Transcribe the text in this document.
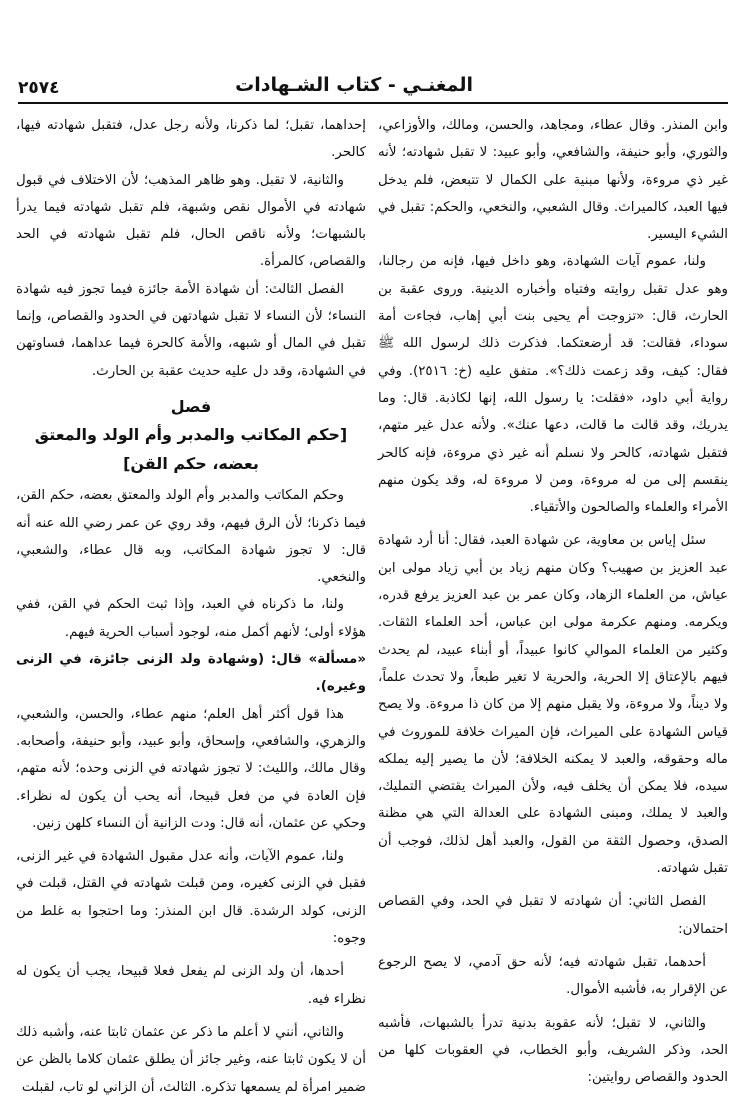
المغنـي - كتاب الشـهادات
٢٥٧٤

وابن المنذر. وقال عطاء، ومجاهد، والحسن، ومالك، والأوزاعي، والثوري، وأبو حنيفة، والشافعي، وأبو عبيد: لا تقبل شهادته؛ لأنه غير ذي مروءة، ولأنها مبنية على الكمال لا تتبعض، فلم يدخل فيها العبد، كالميراث. وقال الشعبي، والنخعي، والحكم: تقبل في الشيء اليسير.

ولنا، عموم آيات الشهادة، وهو داخل فيها، فإنه من رجالنا، وهو عدل تقبل روايته وفتياه وأخباره الدينية. وروى عقبة بن الحارث، قال: «تزوجت أم يحيى بنت أبي إهاب، فجاءت أمة سوداء، فقالت: قد أرضعتكما. فذكرت ذلك لرسول الله ﷺ فقال: كيف، وقد زعمت ذلك؟». متفق عليه (خ: ٢٥١٦). وفي رواية أبي داود، «فقلت: يا رسول الله، إنها لكاذبة. قال: وما يدريك، وقد قالت ما قالت، دعها عنك». ولأنه عدل غير متهم، فتقبل شهادته، كالحر ولا نسلم أنه غير ذي مروءة، فإنه كالحر ينقسم إلى من له مروءة، ومن لا مروءة له، وقد يكون منهم الأمراء والعلماء والصالحون والأتقياء.

سئل إياس بن معاوية، عن شهادة العبد، فقال: أنا أرد شهادة عبد العزيز بن صهيب؟ وكان منهم زياد بن أبي زياد مولى ابن عياش، من العلماء الزهاد، وكان عمر بن عبد العزيز يرفع قدره، ويكرمه. ومنهم عكرمة مولى ابن عباس، أحد العلماء الثقات. وكثير من العلماء الموالي كانوا عبيداً، أو أبناء عبيد، لم يحدث فيهم بالإعتاق إلا الحرية، والحرية لا تغير طبعاً، ولا تحدث علماً، ولا ديناً، ولا مروءة، ولا يقبل منهم إلا من كان ذا مروءة. ولا يصح قياس الشهادة على الميراث، فإن الميراث خلافة للموروث في ماله وحقوقه، والعبد لا يمكنه الخلافة؛ لأن ما يصير إليه يملكه سيده، فلا يمكن أن يخلف فيه، ولأن الميراث يقتضي التمليك، والعبد لا يملك، ومبنى الشهادة على العدالة التي هي مظنة الصدق، وحصول الثقة من القول، والعبد أهل لذلك، فوجب أن تقبل شهادته.

الفصل الثاني: أن شهادته لا تقبل في الحد، وفي القصاص احتمالان:

أحدهما، تقبل شهادته فيه؛ لأنه حق آدمي، لا يصح الرجوع عن الإقرار به، فأشبه الأموال.

والثاني، لا تقبل؛ لأنه عقوبة بدنية تدرأ بالشبهات، فأشبه الحد، وذكر الشريف، وأبو الخطاب، في العقوبات كلها من الحدود والقصاص روايتين:

إحداهما، تقبل؛ لما ذكرنا، ولأنه رجل عدل، فتقبل شهادته فيها، كالحر.

والثانية، لا تقبل. وهو ظاهر المذهب؛ لأن الاختلاف في قبول شهادته في الأموال نقص وشبهة، فلم تقبل شهادته فيما يدرأ بالشبهات؛ ولأنه ناقص الحال، فلم تقبل شهادته في الحد والقصاص، كالمرأة.

الفصل الثالث: أن شهادة الأمة جائزة فيما تجوز فيه شهادة النساء؛ لأن النساء لا تقبل شهادتهن في الحدود والقصاص، وإنما تقبل في المال أو شبهه، والأمة كالحرة فيما عداهما، فساوتهن في الشهادة، وقد دل عليه حديث عقبة بن الحارث.

فصل
[حكم المكاتب والمدبر وأم الولد والمعتق بعضه، حكم القن]

وحكم المكاتب والمدبر وأم الولد والمعتق بعضه، حكم القن، فيما ذكرنا؛ لأن الرق فيهم، وقد روي عن عمر رضي الله عنه أنه قال: لا تجوز شهادة المكاتب، وبه قال عطاء، والشعبي، والنخعي.

ولنا، ما ذكرناه في العبد، وإذا ثبت الحكم في القن، ففي هؤلاء أولى؛ لأنهم أكمل منه، لوجود أسباب الحرية فيهم.

«مسألة» قال: (وشهادة ولد الزنى جائزة، في الزنى وغيره).

هذا قول أكثر أهل العلم؛ منهم عطاء، والحسن، والشعبي، والزهري، والشافعي، وإسحاق، وأبو عبيد، وأبو حنيفة، وأصحابه. وقال مالك، والليث: لا تجوز شهادته في الزنى وحده؛ لأنه متهم، فإن العادة في من فعل قبيحا، أنه يحب أن يكون له نظراء. وحكي عن عثمان، أنه قال: ودت الزانية أن النساء كلهن زنين.

ولنا، عموم الآيات، وأنه عدل مقبول الشهادة في غير الزنى، فقبل في الزنى كغيره، ومن قبلت شهادته في القتل، قبلت في الزنى، كولد الرشدة. قال ابن المنذر: وما احتجوا به غلط من وجوه:

أحدها، أن ولد الزنى لم يفعل فعلا قبيحا، يجب أن يكون له نظراء فيه.

والثاني، أنني لا أعلم ما ذكر عن عثمان ثابتا عنه، وأشبه ذلك أن لا يكون ثابتا عنه، وغير جائز أن يطلق عثمان كلاما بالظن عن ضمير امرأة لم يسمعها تذكره. الثالث، أن الزاني لو تاب، لقبلت
